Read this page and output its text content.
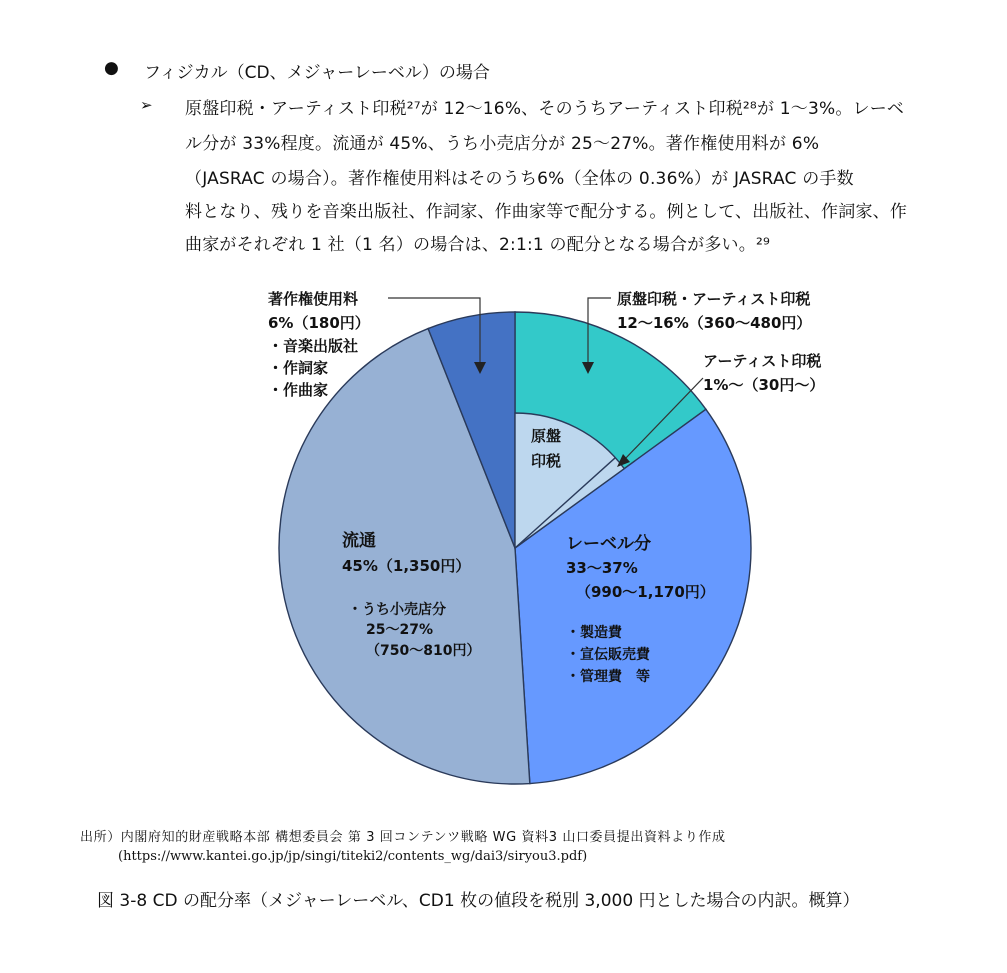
● フィジカル（CD、メジャーレーベル）の場合
➢ 原盤印税・アーティスト印税²⁷が 12～16%、そのうちアーティスト印税²⁸が 1～3%。レーベ
ル分が 33%程度。流通が 45%、うち小売店分が 25～27%。著作権使用料が 6%
（JASRAC の場合）。著作権使用料はそのうち6%（全体の 0.36%）が JASRAC の手数
料となり、残りを音楽出版社、作詞家、作曲家等で配分する。例として、出版社、作詞家、作
曲家がそれぞれ 1 社（1 名）の場合は、2:1:1 の配分となる場合が多い。²⁹
著作権使用料
6%（180円）
・音楽出版社
・作詞家
・作曲家
原盤印税・アーティスト印税
12～16%（360～480円）
アーティスト印税
1%～（30円～）
原盤
印税
レーベル分
33～37%
（990～1,170円）
・製造費
・宣伝販売費
・管理費　等
流通
45%（1,350円）
・うち小売店分
25～27%
（750～810円）
出所）内閣府知的財産戦略本部 構想委員会 第 3 回コンテンツ戦略 WG 資料3 山口委員提出資料より作成
(https://www.kantei.go.jp/jp/singi/titeki2/contents_wg/dai3/siryou3.pdf)
図 3-8 CD の配分率（メジャーレーベル、CD1 枚の値段を税別 3,000 円とした場合の内訳。概算）
